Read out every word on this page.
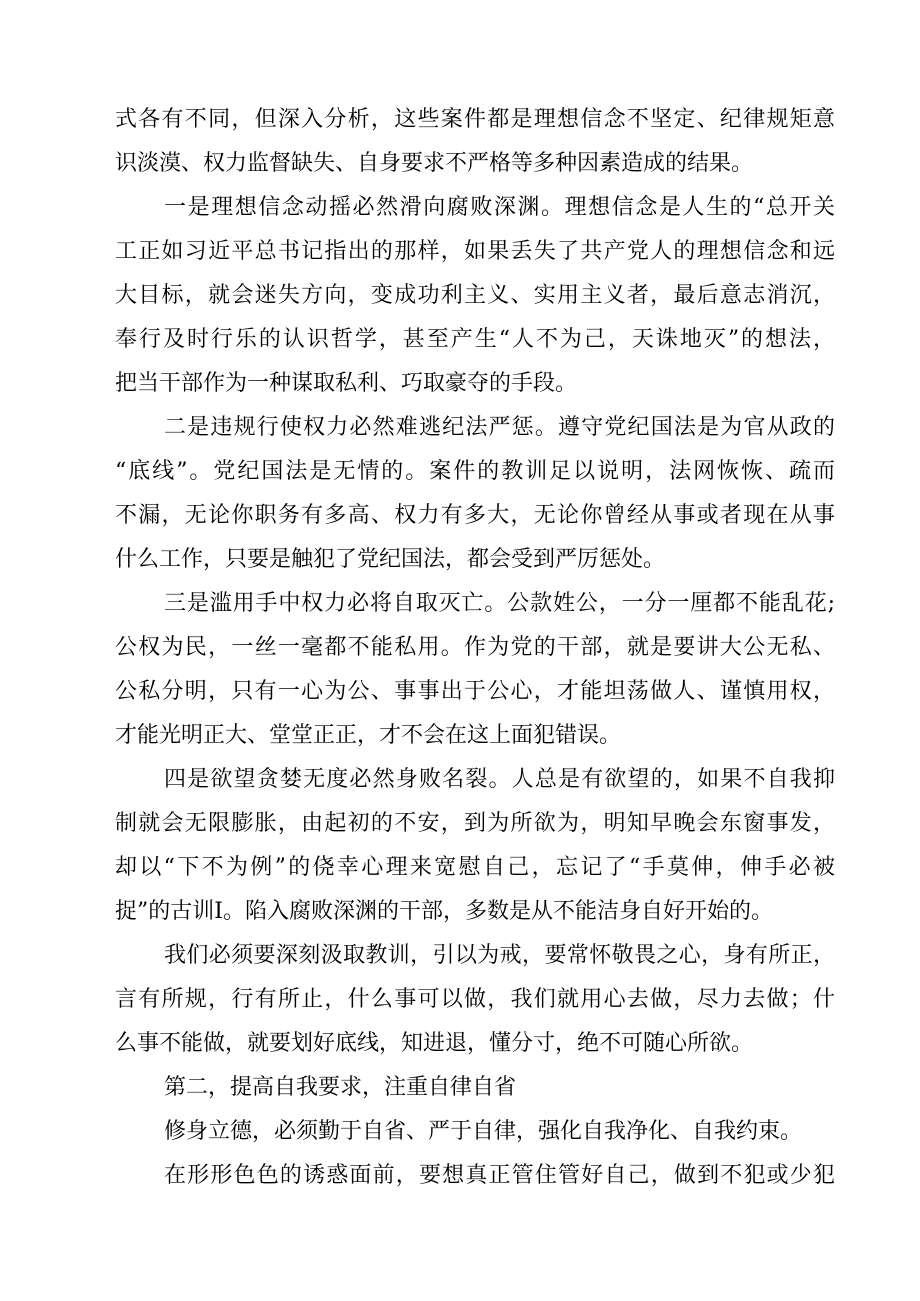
式各有不同，但深入分析，这些案件都是理想信念不坚定、纪律规矩意
识淡漠、权力监督缺失、自身要求不严格等多种因素造成的结果。
一是理想信念动摇必然滑向腐败深渊。理想信念是人生的“总开关
工正如习近平总书记指出的那样，如果丢失了共产党人的理想信念和远
大目标，就会迷失方向，变成功利主义、实用主义者，最后意志消沉，
奉行及时行乐的认识哲学，甚至产生“人不为己，天诛地灭”的想法，
把当干部作为一种谋取私利、巧取豪夺的手段。
二是违规行使权力必然难逃纪法严惩。遵守党纪国法是为官从政的
“底线”。党纪国法是无情的。案件的教训足以说明，法网恢恢、疏而
不漏，无论你职务有多高、权力有多大，无论你曾经从事或者现在从事
什么工作，只要是触犯了党纪国法，都会受到严厉惩处。
三是滥用手中权力必将自取灭亡。公款姓公，一分一厘都不能乱花;
公权为民，一丝一毫都不能私用。作为党的干部，就是要讲大公无私、
公私分明，只有一心为公、事事出于公心，才能坦荡做人、谨慎用权，
才能光明正大、堂堂正正，才不会在这上面犯错误。
四是欲望贪婪无度必然身败名裂。人总是有欲望的，如果不自我抑
制就会无限膨胀，由起初的不安，到为所欲为，明知早晚会东窗事发，
却以“下不为例”的侥幸心理来宽慰自己，忘记了“手莫伸，伸手必被
捉”的古训I。陷入腐败深渊的干部，多数是从不能洁身自好开始的。
我们必须要深刻汲取教训，引以为戒，要常怀敬畏之心，身有所正，
言有所规，行有所止，什么事可以做，我们就用心去做，尽力去做；什
么事不能做，就要划好底线，知进退，懂分寸，绝不可随心所欲。
第二，提高自我要求，注重自律自省
修身立德，必须勤于自省、严于自律，强化自我净化、自我约束。
在形形色色的诱惑面前，要想真正管住管好自己，做到不犯或少犯
